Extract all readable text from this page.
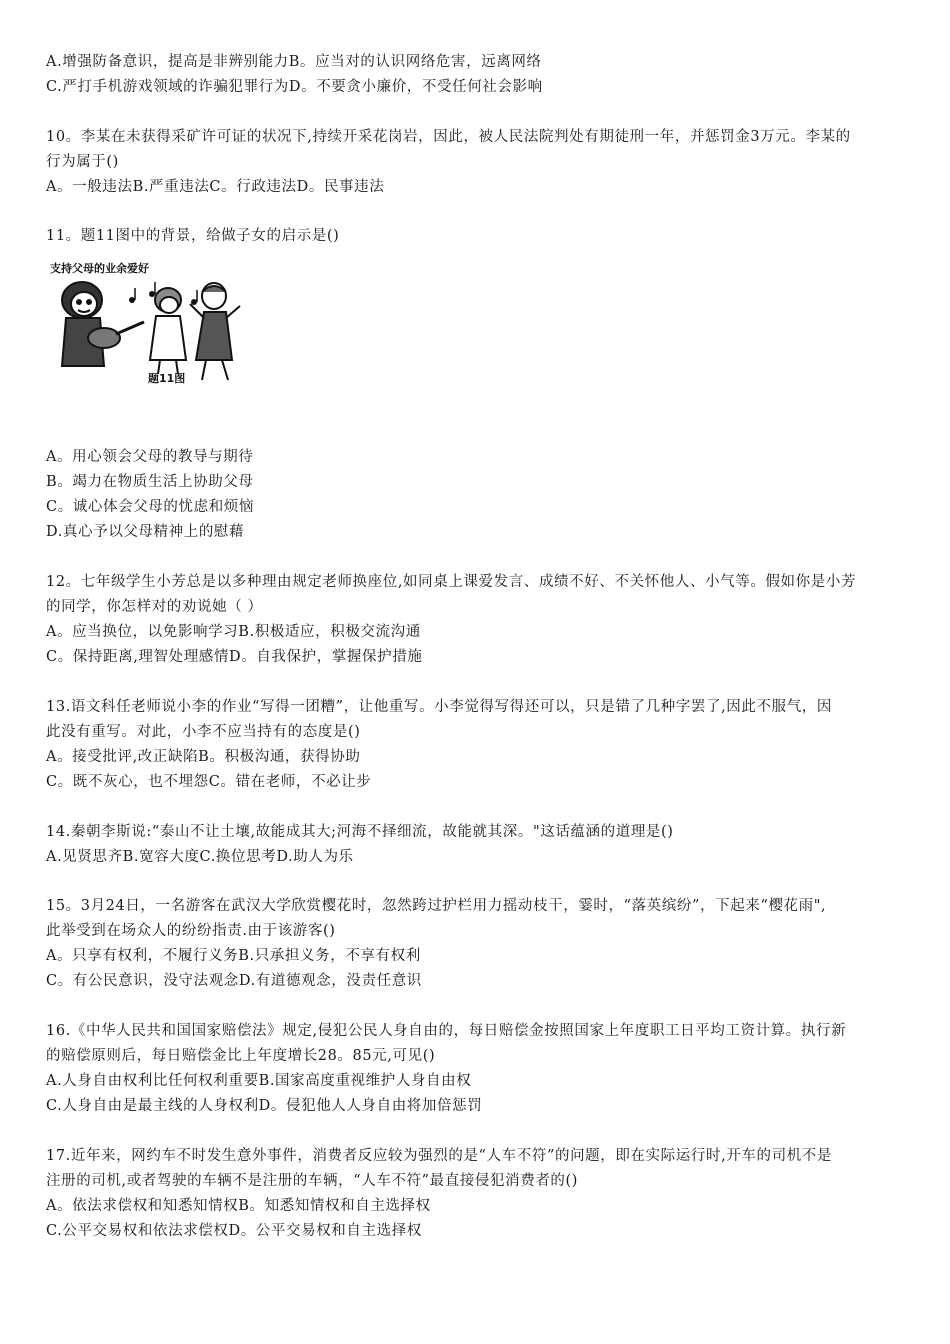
A.增强防备意识，提高是非辨别能力B。应当对的认识网络危害，远离网络
C.严打手机游戏领域的诈骗犯罪行为D。不要贪小廉价，不受任何社会影响
10。李某在未获得采矿许可证的状况下,持续开采花岗岩，因此，被人民法院判处有期徒刑一年，并惩罚金3万元。李某的
行为属于()
A。一般违法B.严重违法C。行政违法D。民事违法
11。题11图中的背景，给做子女的启示是()
支持父母的业余爱好
题11图
A。用心领会父母的教导与期待
B。竭力在物质生活上协助父母
C。诚心体会父母的忧虑和烦恼
D.真心予以父母精神上的慰藉
12。七年级学生小芳总是以多种理由规定老师换座位,如同桌上课爱发言、成绩不好、不关怀他人、小气等。假如你是小芳
的同学，你怎样对的劝说她（ ）
A。应当换位，以免影响学习B.积极适应，积极交流沟通
C。保持距离,理智处理感情D。自我保护，掌握保护措施
13.语文科任老师说小李的作业“写得一团糟”，让他重写。小李觉得写得还可以，只是错了几种字罢了,因此不服气，因
此没有重写。对此，小李不应当持有的态度是()
A。接受批评,改正缺陷B。积极沟通，获得协助
C。既不灰心，也不埋怨C。错在老师，不必让步
14.秦朝李斯说:“泰山不让土壤,故能成其大;河海不择细流，故能就其深。"这话蕴涵的道理是()
A.见贤思齐B.宽容大度C.换位思考D.助人为乐
15。3月24日，一名游客在武汉大学欣赏樱花时，忽然跨过护栏用力摇动枝干，霎时，“落英缤纷”，下起来“樱花雨",
此举受到在场众人的纷纷指责.由于该游客()
A。只享有权利，不履行义务B.只承担义务，不享有权利
C。有公民意识，没守法观念D.有道德观念，没责任意识
16.《中华人民共和国国家赔偿法》规定,侵犯公民人身自由的，每日赔偿金按照国家上年度职工日平均工资计算。执行新
的赔偿原则后，每日赔偿金比上年度增长28。85元,可见()
A.人身自由权利比任何权利重要B.国家高度重视维护人身自由权
C.人身自由是最主线的人身权利D。侵犯他人人身自由将加倍惩罚
17.近年来，网约车不时发生意外事件，消费者反应较为强烈的是“人车不符”的问题，即在实际运行时,开车的司机不是
注册的司机,或者驾驶的车辆不是注册的车辆，“人车不符”最直接侵犯消费者的()
A。依法求偿权和知悉知情权B。知悉知情权和自主选择权
C.公平交易权和依法求偿权D。公平交易权和自主选择权
